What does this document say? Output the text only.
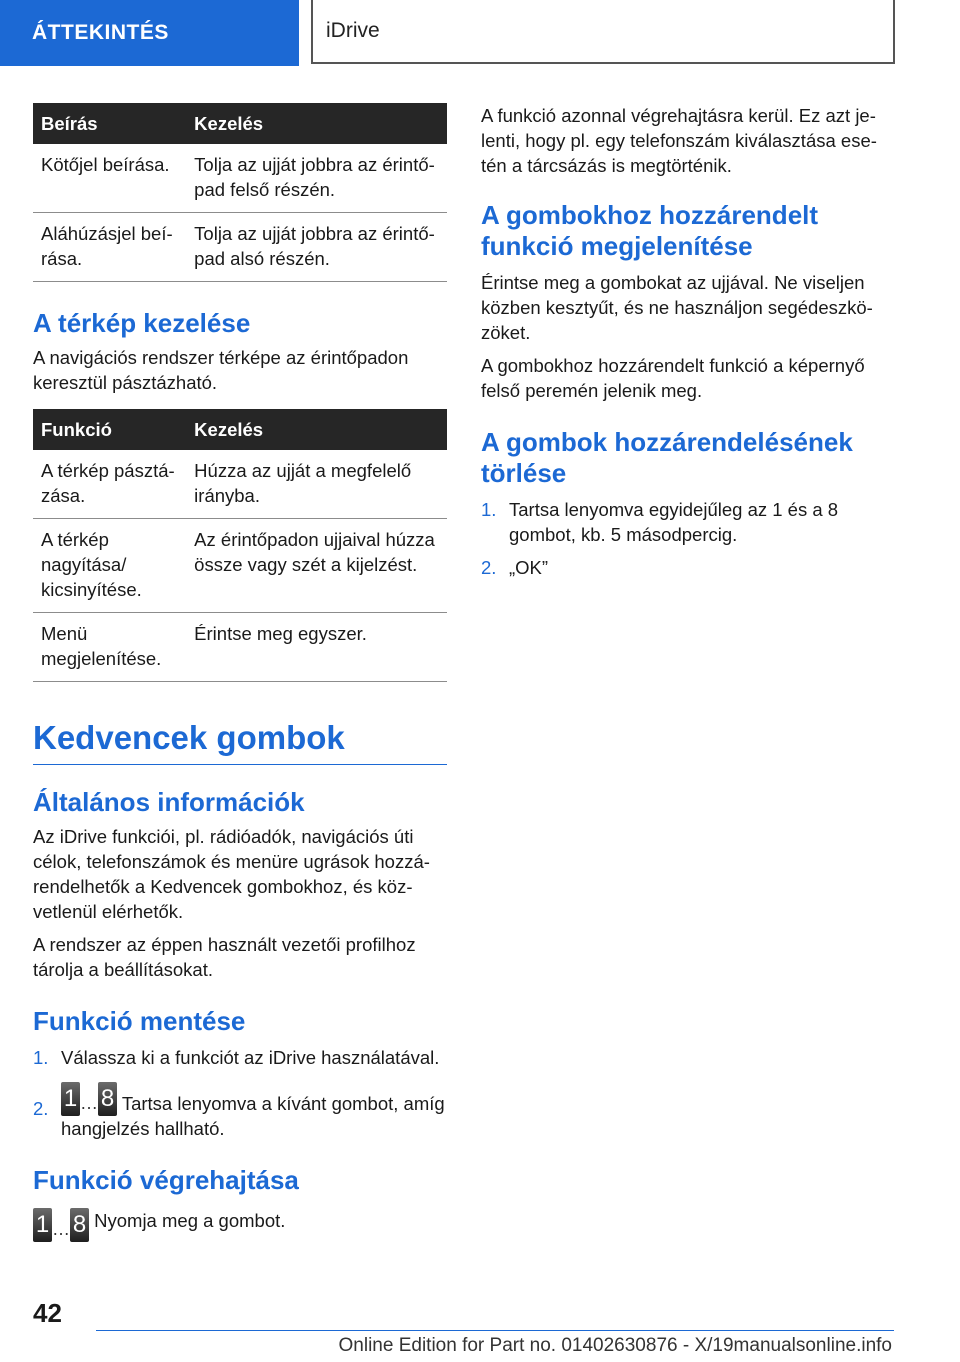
ÁTTEKINTÉS	iDrive
Beírás	Kezelés
Kötőjel beírása.	Tolja az ujját jobbra az érintőpad felső részén.
Aláhúzásjel beírása.	Tolja az ujját jobbra az érintőpad alsó részén.
A térkép kezelése

A navigációs rendszer térképe az érintőpadon keresztül pásztázható.

Funkció	Kezelés
A térkép pásztázása.	Húzza az ujját a megfelelő irányba.
A térkép nagyítása/ kicsinyítése.	Az érintőpadon ujjaival húzza össze vagy szét a kijelzést.
Menü megjelenítése.	Érintse meg egyszer.
Kedvencek gombok
Általános információk

Az iDrive funkciói, pl. rádióadók, navigációs úti célok, telefonszámok és menüre ugrások hozzárendelhetők a Kedvencek gombokhoz, és közvetlenül elérhetők.

A rendszer az éppen használt vezetői profilhoz tárolja a beállításokat.

Funkció mentése
1. Válassza ki a funkciót az iDrive használatával.
2. 1 … 8 Tartsa lenyomva a kívánt gombot, amíg hangjelzés hallható.
Funkció végrehajtása
1 … 8 Nyomja meg a gombot.

A funkció azonnal végrehajtásra kerül. Ez azt jelenti, hogy pl. egy telefonszám kiválasztása esetén a tárcsázás is megtörténik.

A gombokhoz hozzárendelt funkció megjelenítése

Érintse meg a gombokat az ujjával. Ne viseljen közben kesztyűt, és ne használjon segédeszközöket.

A gombokhoz hozzárendelt funkció a képernyő felső peremén jelenik meg.

A gombok hozzárendelésének törlése
1. Tartsa lenyomva egyidejűleg az 1 és a 8 gombot, kb. 5 másodpercig.
2. „OK”
42
Online Edition for Part no. 01402630876 - X/19manualsonline.info
